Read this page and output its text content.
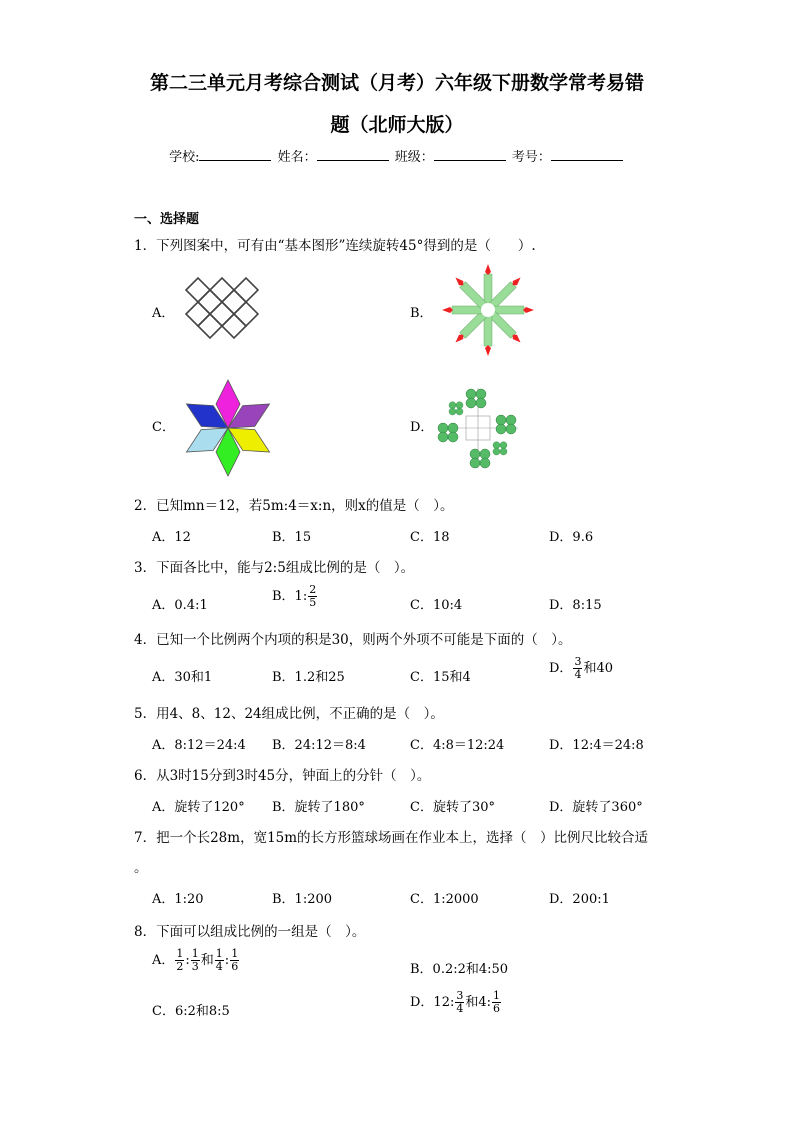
第二三单元月考综合测试（月考）六年级下册数学常考易错
题（北师大版）
学校:	姓名：	班级：	考号：
一、选择题
1．下列图案中，可有由“基本图形”连续旋转45°得到的是（　　）.
A．	B．
C．	D．
2．已知mn＝12，若5m:4＝x:n，则x的值是（　）。
A．12	B．15	C．18	D．9.6
3．下面各比中，能与2:5组成比例的是（　）。
A．0.4:1
B．1: $\frac{2}{5}$	C．10:4	D．8:15
4．已知一个比例两个内项的积是30，则两个外项不可能是下面的（　）。
A．30和1	B．1.2和25	C．15和4
D． $\frac{3}{4}$ 和40
5．用4、8、12、24组成比例，不正确的是（　）。
A．8:12＝24:4 B．24:12＝8:4	C．4:8＝12:24	D．12:4＝24:8
6．从3时15分到3时45分，钟面上的分针（　）。
A．旋转了120° B．旋转了180°	C．旋转了30°	D．旋转了360°
7．把一个长28m，宽15m的长方形篮球场画在作业本上，选择（　）比例尺比较合适
。
A．1:20	B．1:200	C．1:2000	D．200:1
8．下面可以组成比例的一组是（　）。
A． $\frac{1}{2}$ : $\frac{1}{3}$ 和 $\frac{1}{4}$ : $\frac{1}{6}$	B．0.2:2和4:50
C．6:2和8:5
D．12: $\frac{3}{4}$ 和4: $\frac{1}{6}$
